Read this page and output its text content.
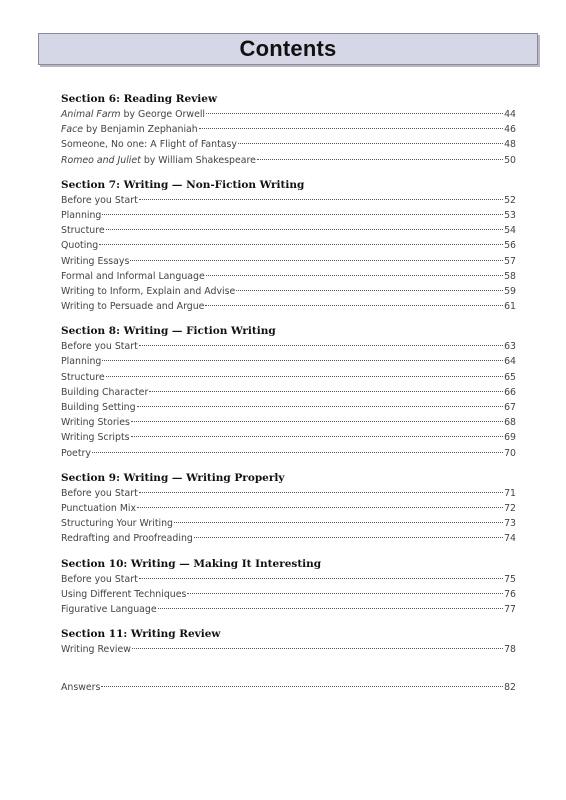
Contents
Section 6: Reading Review
Animal Farm by George Orwell	44
Face by Benjamin Zephaniah	46
Someone, No one: A Flight of Fantasy	48
Romeo and Juliet by William Shakespeare	50
Section 7: Writing — Non-Fiction Writing
Before you Start	52
Planning	53
Structure	54
Quoting	56
Writing Essays	57
Formal and Informal Language	58
Writing to Inform, Explain and Advise	59
Writing to Persuade and Argue	61
Section 8: Writing — Fiction Writing
Before you Start	63
Planning	64
Structure	65
Building Character	66
Building Setting	67
Writing Stories	68
Writing Scripts	69
Poetry	70
Section 9: Writing — Writing Properly
Before you Start	71
Punctuation Mix	72
Structuring Your Writing	73
Redrafting and Proofreading	74
Section 10: Writing — Making It Interesting
Before you Start	75
Using Different Techniques	76
Figurative Language	77
Section 11: Writing Review
Writing Review	78
Answers	82
